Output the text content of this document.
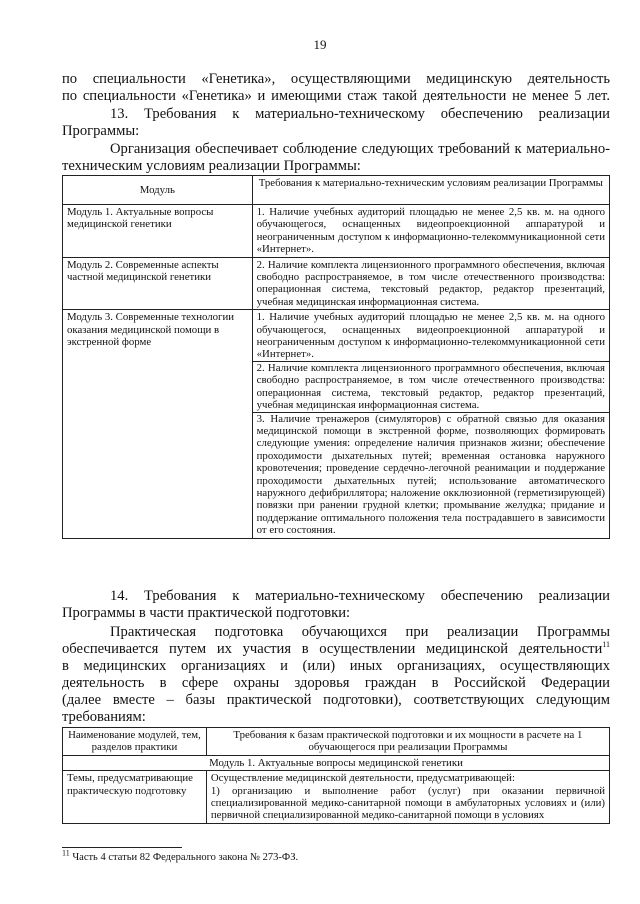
19
по специальности «Генетика», осуществляющими медицинскую деятельность
по специальности «Генетика» и имеющими стаж такой деятельности не менее 5 лет.
13. Требования к материально-техническому обеспечению реализации
Программы:
Организация обеспечивает соблюдение следующих требований к материально-
техническим условиям реализации Программы:
Модуль	Требования к материально-техническим условиям реализации Программы
Модуль 1. Актуальные вопросы медицинской генетики	1. Наличие учебных аудиторий площадью не менее 2,5 кв. м. на одного обучающегося, оснащенных видеопроекционной аппаратурой и неограниченным доступом к информационно-телекоммуникационной сети «Интернет».
Модуль 2. Современные аспекты частной медицинской генетики	2. Наличие комплекта лицензионного программного обеспечения, включая свободно распространяемое, в том числе отечественного производства: операционная система, текстовый редактор, редактор презентаций, учебная медицинская информационная система.
Модуль 3. Современные технологии оказания медицинской помощи в экстренной форме	1. Наличие учебных аудиторий площадью не менее 2,5 кв. м. на одного обучающегося, оснащенных видеопроекционной аппаратурой и неограниченным доступом к информационно-телекоммуникационной сети «Интернет».
2. Наличие комплекта лицензионного программного обеспечения, включая свободно распространяемое, в том числе отечественного производства: операционная система, текстовый редактор, редактор презентаций, учебная медицинская информационная система.
3. Наличие тренажеров (симуляторов) с обратной связью для оказания медицинской помощи в экстренной форме, позволяющих формировать следующие умения: определение наличия признаков жизни; обеспечение проходимости дыхательных путей; временная остановка наружного кровотечения; проведение сердечно-легочной реанимации и поддержание проходимости дыхательных путей; использование автоматического наружного дефибриллятора; наложение окклюзионной (герметизирующей) повязки при ранении грудной клетки; промывание желудка; придание и поддержание оптимального положения тела пострадавшего в зависимости от его состояния.
14. Требования к материально-техническому обеспечению реализации
Программы в части практической подготовки:
Практическая подготовка обучающихся при реализации Программы
обеспечивается путем их участия в осуществлении медицинской деятельности$^{11}$
в медицинских организациях и (или) иных организациях, осуществляющих
деятельность в сфере охраны здоровья граждан в Российской Федерации
(далее вместе – базы практической подготовки), соответствующих следующим
требованиям:
Наименование модулей, тем, разделов практики	Требования к базам практической подготовки и их мощности в расчете на 1 обучающегося при реализации Программы
Модуль 1. Актуальные вопросы медицинской генетики	
Темы, предусматривающие практическую подготовку	Осуществление медицинской деятельности, предусматривающей:
1) организацию и выполнение работ (услуг) при оказании первичной специализированной медико-санитарной помощи в амбулаторных условиях и (или) первичной специализированной медико-санитарной помощи в условиях
$^{11}$ Часть 4 статьи 82 Федерального закона № 273-ФЗ.
